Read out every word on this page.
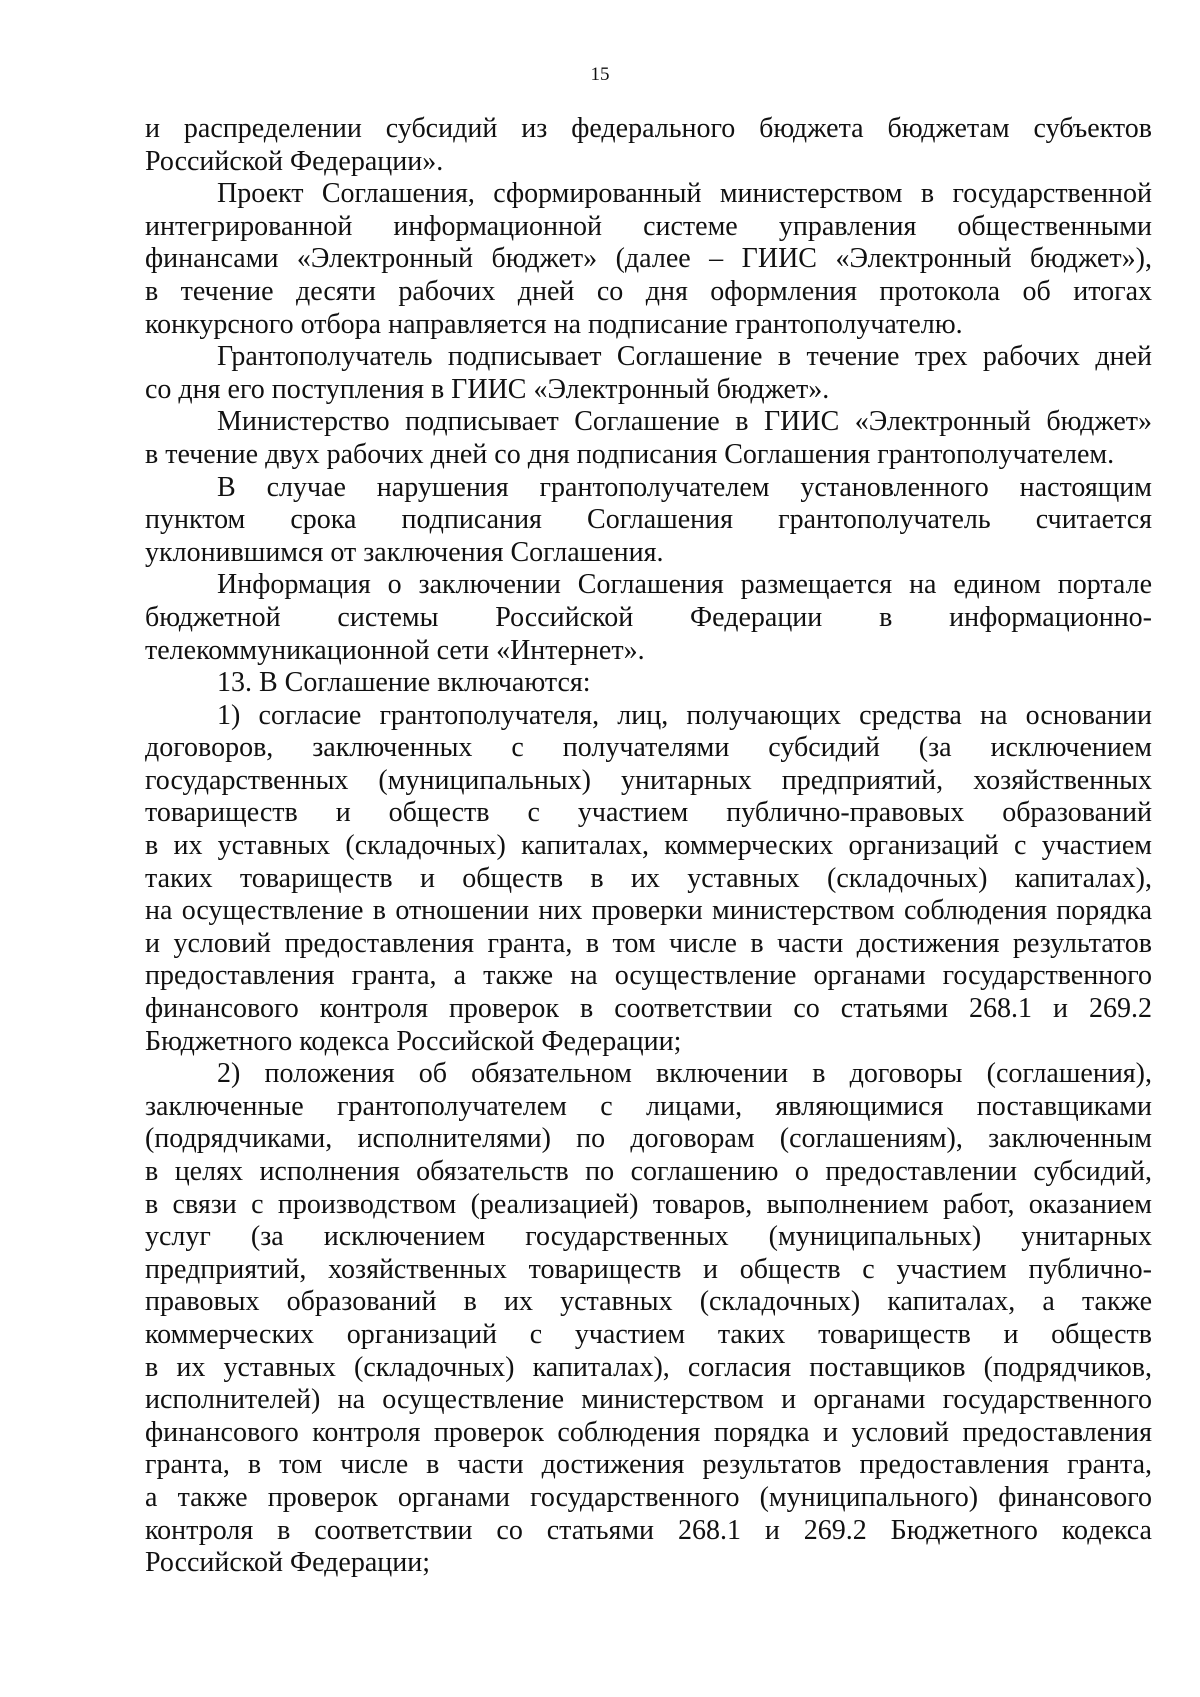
15
и распределении субсидий из федерального бюджета бюджетам субъектов
Российской Федерации».
Проект Соглашения, сформированный министерством в государственной
интегрированной информационной системе управления общественными
финансами «Электронный бюджет» (далее – ГИИС «Электронный бюджет»),
в течение десяти рабочих дней со дня оформления протокола об итогах
конкурсного отбора направляется на подписание грантополучателю.
Грантополучатель подписывает Соглашение в течение трех рабочих дней
со дня его поступления в ГИИС «Электронный бюджет».
Министерство подписывает Соглашение в ГИИС «Электронный бюджет»
в течение двух рабочих дней со дня подписания Соглашения грантополучателем.
В случае нарушения грантополучателем установленного настоящим
пунктом срока подписания Соглашения грантополучатель считается
уклонившимся от заключения Соглашения.
Информация о заключении Соглашения размещается на едином портале
бюджетной системы Российской Федерации в информационно-
телекоммуникационной сети «Интернет».
13. В Соглашение включаются:
1) согласие грантополучателя, лиц, получающих средства на основании
договоров, заключенных с получателями субсидий (за исключением
государственных (муниципальных) унитарных предприятий, хозяйственных
товариществ и обществ с участием публично-правовых образований
в их уставных (складочных) капиталах, коммерческих организаций с участием
таких товариществ и обществ в их уставных (складочных) капиталах),
на осуществление в отношении них проверки министерством соблюдения порядка
и условий предоставления гранта, в том числе в части достижения результатов
предоставления гранта, а также на осуществление органами государственного
финансового контроля проверок в соответствии со статьями 268.1 и 269.2
Бюджетного кодекса Российской Федерации;
2) положения об обязательном включении в договоры (соглашения),
заключенные грантополучателем с лицами, являющимися поставщиками
(подрядчиками, исполнителями) по договорам (соглашениям), заключенным
в целях исполнения обязательств по соглашению о предоставлении субсидий,
в связи с производством (реализацией) товаров, выполнением работ, оказанием
услуг (за исключением государственных (муниципальных) унитарных
предприятий, хозяйственных товариществ и обществ с участием публично-
правовых образований в их уставных (складочных) капиталах, а также
коммерческих организаций с участием таких товариществ и обществ
в их уставных (складочных) капиталах), согласия поставщиков (подрядчиков,
исполнителей) на осуществление министерством и органами государственного
финансового контроля проверок соблюдения порядка и условий предоставления
гранта, в том числе в части достижения результатов предоставления гранта,
а также проверок органами государственного (муниципального) финансового
контроля в соответствии со статьями 268.1 и 269.2 Бюджетного кодекса
Российской Федерации;
